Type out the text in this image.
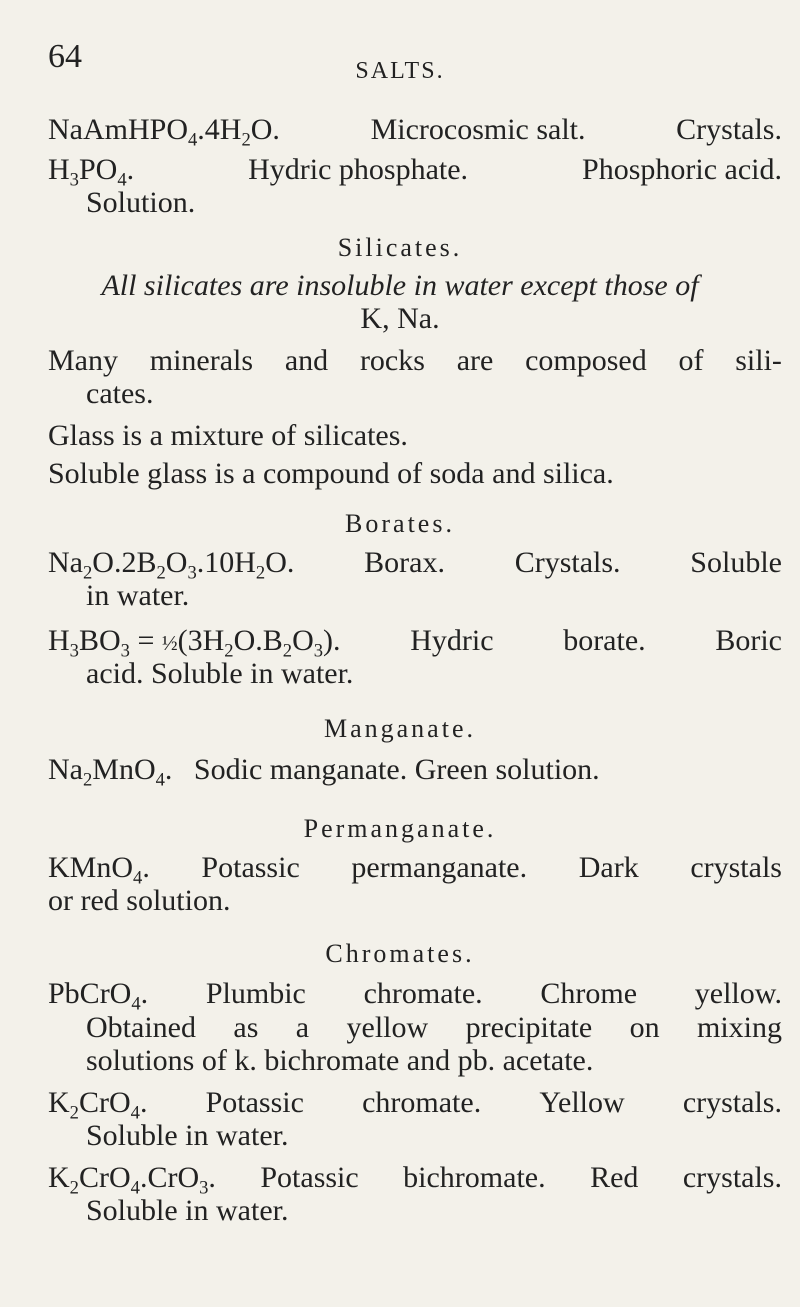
64	SALTS.
$NaAmHPO_4.4H_2O$.	Microcosmic salt.	Crystals.
$H_3PO_4$.	Hydric phosphate.	Phosphoric acid.
Solution.
Silicates.
All silicates are insoluble in water except those of
K, Na.
Many minerals and rocks are composed of sili-
cates.
Glass is a mixture of silicates.
Soluble glass is a compound of soda and silica.
Borates.
$Na_2O.2B_2O_3.10H_2O$. Borax. Crystals. Soluble
in water.
$H_3BO_3$ = $\frac{1}{2}(3H_2O.B_2O_3)$. Hydric borate. Boric
acid. Soluble in water.
Manganate.
$Na_2MnO_4$. Sodic manganate. Green solution.
Permanganate.
KMnO$_4$. Potassic permanganate. Dark crystals
or red solution.
Chromates.
PbCrO$_4$. Plumbic chromate. Chrome yellow.
Obtained as a yellow precipitate on mixing
solutions of k. bichromate and pb. acetate.
$K_2CrO_4$. Potassic chromate. Yellow crystals.
Soluble in water.
$K_2CrO_4.CrO_3$. Potassic bichromate. Red crystals.
Soluble in water.
